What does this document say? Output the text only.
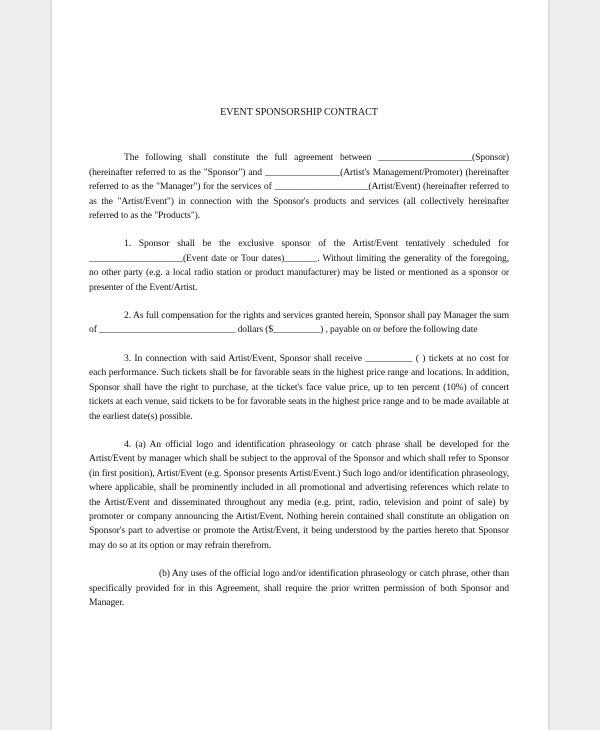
EVENT SPONSORSHIP CONTRACT

The following shall constitute the full agreement between ____________________(Sponsor) (hereinafter referred to as the "Sponsor") and ________________(Artist's Management/Promoter) (hereinafter referred to as the "Manager") for the services of ____________________(Artist/Event) (hereinafter referred to as the "Artist/Event") in connection with the Sponsor's products and services (all collectively hereinafter referred to as the "Products").

1. Sponsor shall be the exclusive sponsor of the Artist/Event tentatively scheduled for ____________________(Event date or Tour dates)_______. Without limiting the generality of the foregoing, no other party (e.g. a local radio station or product manufacturer) may be listed or mentioned as a sponsor or presenter of the Event/Artist.

2. As full compensation for the rights and services granted herein, Sponsor shall pay Manager the sum of _____________________________ dollars ($__________) , payable on or before the following date

3. In connection with said Artist/Event, Sponsor shall receive __________ ( ) tickets at no cost for each performance. Such tickets shall be for favorable seats in the highest price range and locations. In addition, Sponsor shall have the right to purchase, at the ticket's face value price, up to ten percent (10%) of concert tickets at each venue, said tickets to be for favorable seats in the highest price range and to be made available at the earliest date(s) possible.

4. (a) An official logo and identification phraseology or catch phrase shall be developed for the Artist/Event by manager which shall be subject to the approval of the Sponsor and which shall refer to Sponsor (in first position), Artist/Event (e.g. Sponsor presents Artist/Event.) Such logo and/or identification phraseology, where applicable, shall be prominently included in all promotional and advertising references which relate to the Artist/Event and disseminated throughout any media (e.g. print, radio, television and point of sale) by promoter or company announcing the Artist/Event. Nothing herein contained shall constitute an obligation on Sponsor's part to advertise or promote the Artist/Event, it being understood by the parties hereto that Sponsor may do so at its option or may refrain therefrom.

(b) Any uses of the official logo and/or identification phraseology or catch phrase, other than specifically provided for in this Agreement, shall require the prior written permission of both Sponsor and Manager.
